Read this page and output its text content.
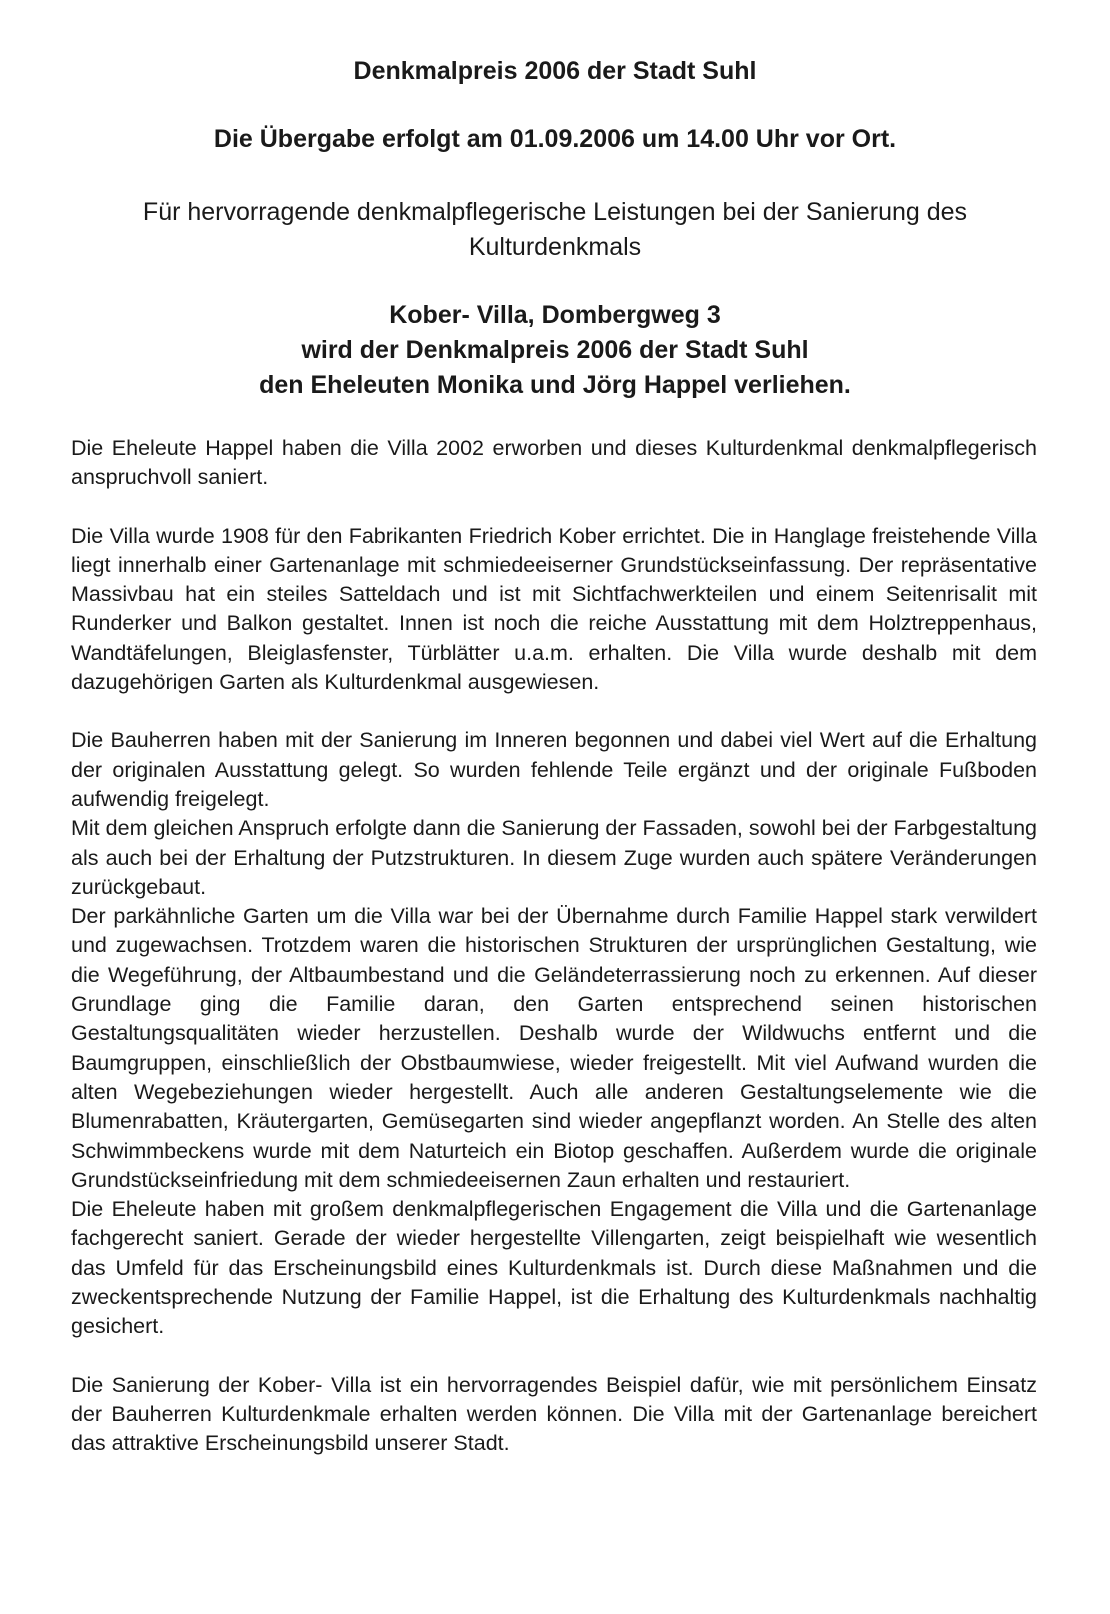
Denkmalpreis 2006 der Stadt Suhl
Die Übergabe erfolgt am 01.09.2006 um 14.00 Uhr vor Ort.
Für hervorragende denkmalpflegerische Leistungen bei der Sanierung des Kulturdenkmals
Kober- Villa, Dombergweg 3
wird der Denkmalpreis 2006 der Stadt Suhl
den Eheleuten Monika und Jörg Happel verliehen.

Die Eheleute Happel haben die Villa 2002 erworben und dieses Kulturdenkmal denkmalpflegerisch anspruchvoll saniert.

Die Villa wurde 1908 für den Fabrikanten Friedrich Kober errichtet. Die in Hanglage freistehende Villa liegt innerhalb einer Gartenanlage mit schmiedeeiserner Grundstückseinfassung. Der repräsentative Massivbau hat ein steiles Satteldach und ist mit Sichtfachwerkteilen und einem Seitenrisalit mit Runderker und Balkon gestaltet. Innen ist noch die reiche Ausstattung mit dem Holztreppenhaus, Wandtäfelungen, Bleiglasfenster, Türblätter u.a.m. erhalten. Die Villa wurde deshalb mit dem dazugehörigen Garten als Kulturdenkmal ausgewiesen.

Die Bauherren haben mit der Sanierung im Inneren begonnen und dabei viel Wert auf die Erhaltung der originalen Ausstattung gelegt. So wurden fehlende Teile ergänzt und der originale Fußboden aufwendig freigelegt.

Mit dem gleichen Anspruch erfolgte dann die Sanierung der Fassaden, sowohl bei der Farbgestaltung als auch bei der Erhaltung der Putzstrukturen. In diesem Zuge wurden auch spätere Veränderungen zurückgebaut.

Der parkähnliche Garten um die Villa war bei der Übernahme durch Familie Happel stark verwildert und zugewachsen. Trotzdem waren die historischen Strukturen der ursprünglichen Gestaltung, wie die Wegeführung, der Altbaumbestand und die Geländeterrassierung noch zu erkennen. Auf dieser Grundlage ging die Familie daran, den Garten entsprechend seinen historischen Gestaltungsqualitäten wieder herzustellen. Deshalb wurde der Wildwuchs entfernt und die Baumgruppen, einschließlich der Obstbaumwiese, wieder freigestellt. Mit viel Aufwand wurden die alten Wegebeziehungen wieder hergestellt. Auch alle anderen Gestaltungselemente wie die Blumenrabatten, Kräutergarten, Gemüsegarten sind wieder angepflanzt worden. An Stelle des alten Schwimmbeckens wurde mit dem Naturteich ein Biotop geschaffen. Außerdem wurde die originale Grundstückseinfriedung mit dem schmiedeeisernen Zaun erhalten und restauriert.

Die Eheleute haben mit großem denkmalpflegerischen Engagement die Villa und die Gartenanlage fachgerecht saniert. Gerade der wieder hergestellte Villengarten, zeigt beispielhaft wie wesentlich das Umfeld für das Erscheinungsbild eines Kulturdenkmals ist. Durch diese Maßnahmen und die zweckentsprechende Nutzung der Familie Happel, ist die Erhaltung des Kulturdenkmals nachhaltig gesichert.

Die Sanierung der Kober- Villa ist ein hervorragendes Beispiel dafür, wie mit persönlichem Einsatz der Bauherren Kulturdenkmale erhalten werden können. Die Villa mit der Gartenanlage bereichert das attraktive Erscheinungsbild unserer Stadt.
